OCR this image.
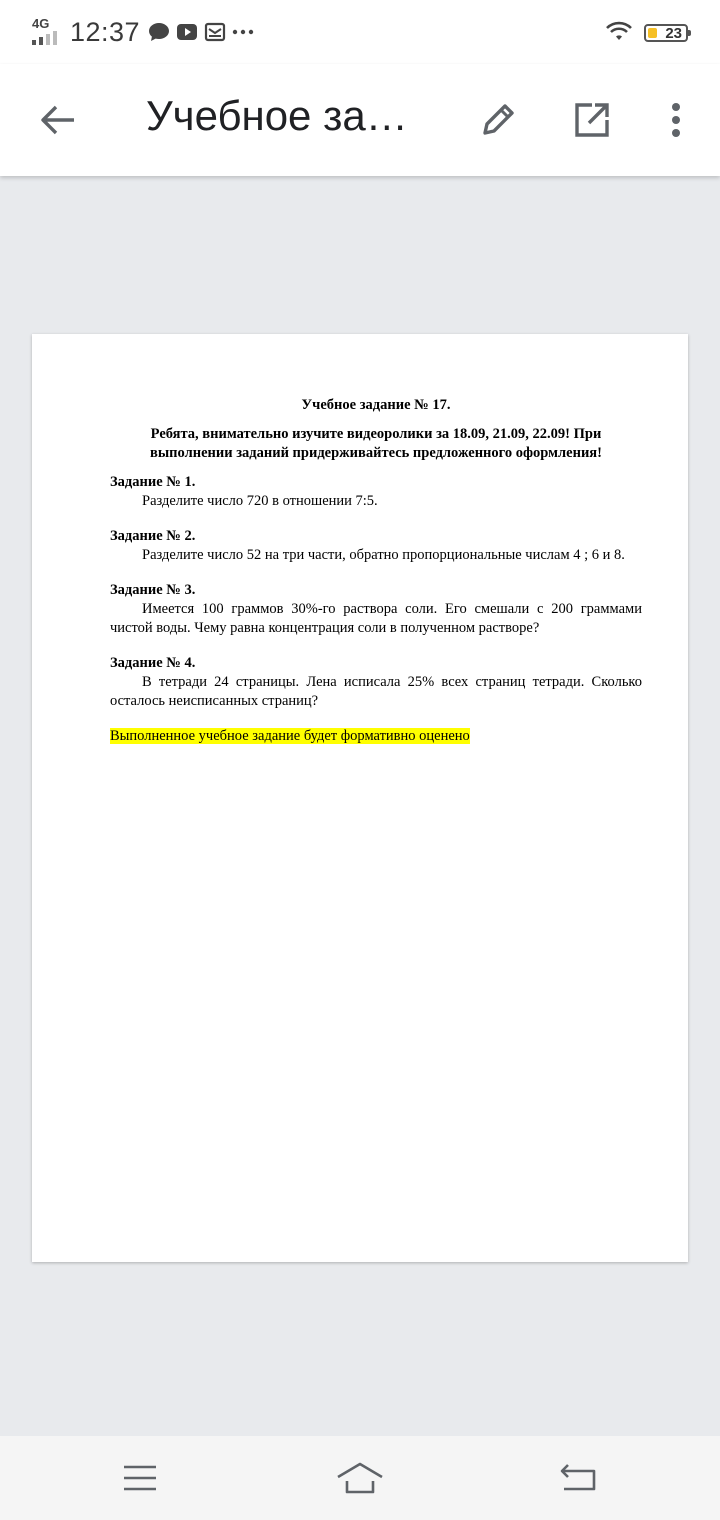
4G 12:37	23
Учебное за…
Учебное задание № 17.
Ребята, внимательно изучите видеоролики за 18.09, 21.09, 22.09! При выполнении заданий придерживайтесь предложенного оформления!
Задание № 1.
Разделите число 720 в отношении 7:5.
Задание № 2.
Разделите число 52 на три части, обратно пропорциональные числам 4 ; 6 и 8.
Задание № 3.
Имеется 100 граммов 30%-го раствора соли. Его смешали с 200 граммами чистой воды. Чему равна концентрация соли в полученном растворе?
Задание № 4.
В тетради 24 страницы. Лена исписала 25% всех страниц тетради. Сколько осталось неисписанных страниц?
Выполненное учебное задание будет формативно оценено
